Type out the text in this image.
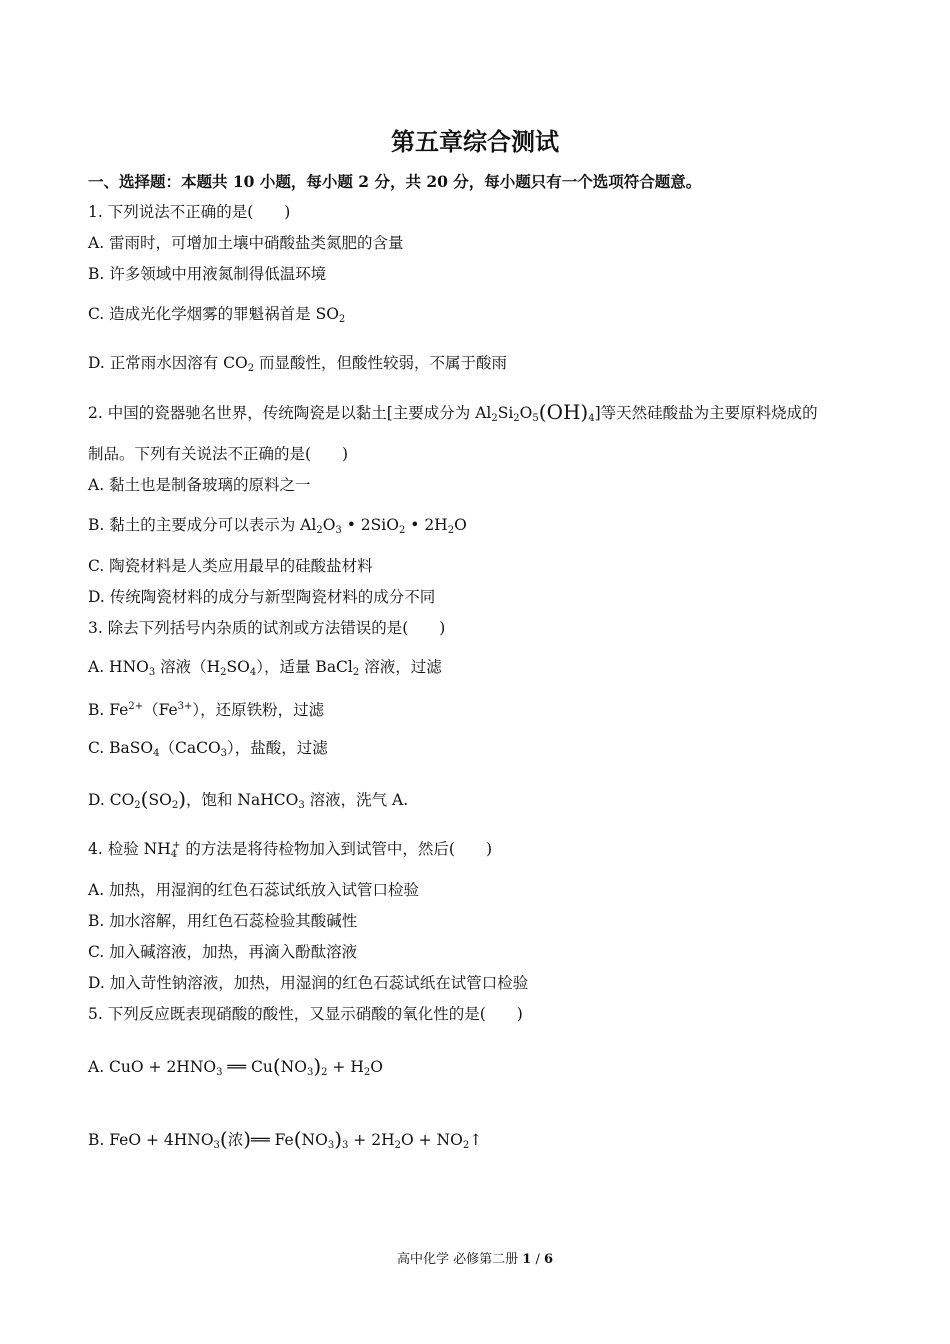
第五章综合测试
一、选择题：本题共 10 小题，每小题 2 分，共 20 分，每小题只有一个选项符合题意。
1. 下列说法不正确的是(　　)
A. 雷雨时，可增加土壤中硝酸盐类氮肥的含量
B. 许多领域中用液氮制得低温环境
C. 造成光化学烟雾的罪魁祸首是 $SO_2$
D. 正常雨水因溶有 $CO_2$ 而显酸性，但酸性较弱，不属于酸雨
2. 中国的瓷器驰名世界，传统陶瓷是以黏土[主要成分为 $Al_2Si_2O_5(OH)_4$]等天然硅酸盐为主要原料烧成的
制品。下列有关说法不正确的是(　　)
A. 黏土也是制备玻璃的原料之一
B. 黏土的主要成分可以表示为 $Al_2O_3$ • 2SiO$_2$ • $2H_2O$
C. 陶瓷材料是人类应用最早的硅酸盐材料
D. 传统陶瓷材料的成分与新型陶瓷材料的成分不同
3. 除去下列括号内杂质的试剂或方法错误的是(　　)
A. $HNO_3$ 溶液$(H_2SO_4)$，适量 BaCl$_2$ 溶液，过滤
B. $Fe^{2+}(Fe^{3+})$，还原铁粉，过滤
C. BaSO$_4$（CaCO$_3$），盐酸，过滤
D. $CO_2(SO_2)$，饱和 NaHCO$_3$ 溶液，洗气 A.
4. 检验 $NH_4^+$ 的方法是将待检物加入到试管中，然后(　　)
A. 加热，用湿润的红色石蕊试纸放入试管口检验
B. 加水溶解，用红色石蕊检验其酸碱性
C. 加入碱溶液，加热，再滴入酚酞溶液
D. 加入苛性钠溶液，加热，用湿润的红色石蕊试纸在试管口检验
5. 下列反应既表现硝酸的酸性，又显示硝酸的氧化性的是(　　)
A. CuO + $2HNO_3$ ══ $Cu(NO_3)_2 + H_2O$
B. FeO + $4HNO_3$(浓)══ $Fe(NO_3)_3 + 2H_2O$ + $NO_2↑$
高中化学 必修第二册 1 / 6
